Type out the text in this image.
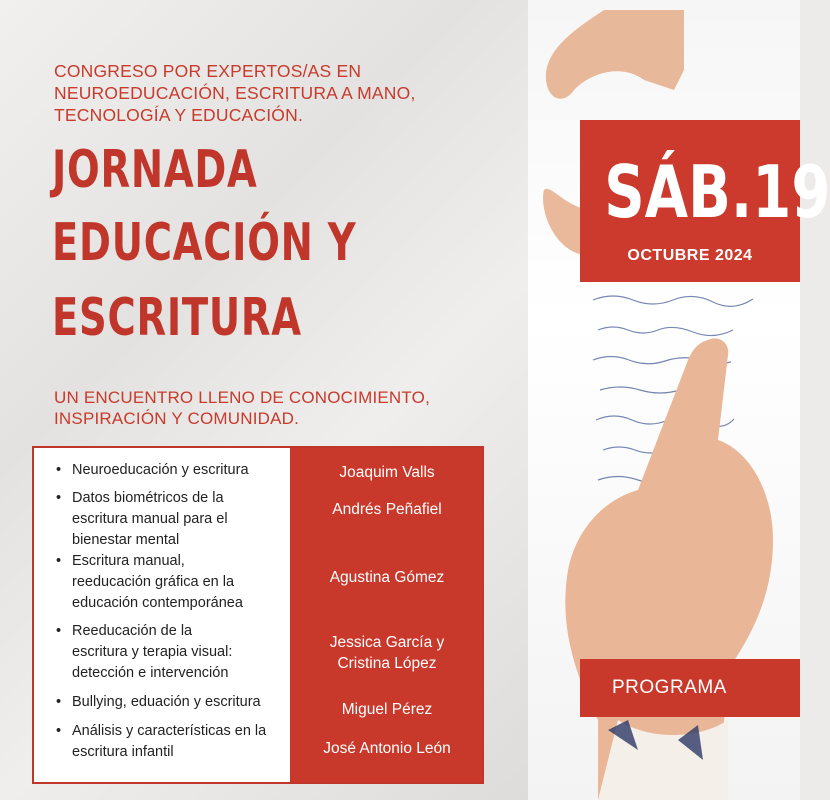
CONGRESO POR EXPERTOS/AS EN
NEUROEDUCACIÓN, ESCRITURA A MANO,
TECNOLOGÍA Y EDUCACIÓN.
JORNADA
EDUCACIÓN Y
ESCRITURA
UN ENCUENTRO LLENO DE CONOCIMIENTO,
INSPIRACIÓN Y COMUNIDAD.
• Neuroeducación y escritura
• Datos biométricos de la
escritura manual para el
bienestar mental
• Escritura manual,
reeducación gráfica en la
educación contemporánea
• Reeducación de la
escritura y terapia visual:
detección e intervención
• Bullying, eduación y escritura
• Análisis y características en la
escritura infantil
Joaquim Valls
Andrés Peñafiel
Agustina Gómez
Jessica García y
Cristina López
Miguel Pérez
José Antonio León
SÁB.19
OCTUBRE 2024
PROGRAMA
